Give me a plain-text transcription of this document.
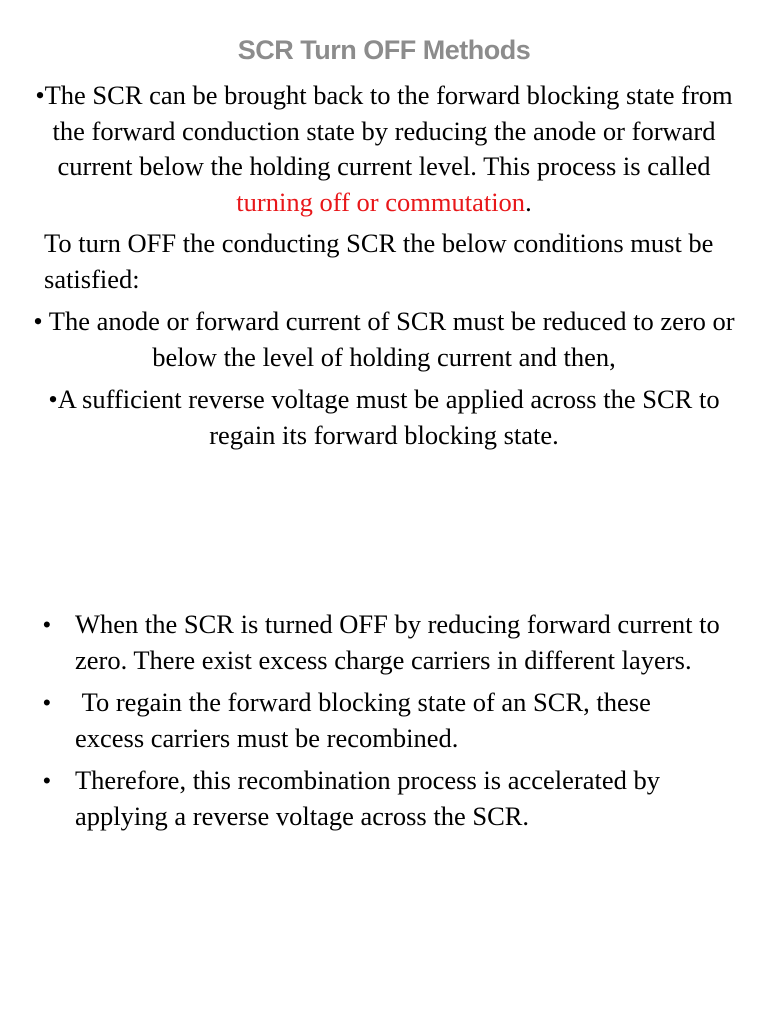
SCR Turn OFF Methods
•The SCR can be brought back to the forward blocking state from the forward conduction state by reducing the anode or forward current below the holding current level. This process is called turning off or commutation.
To turn OFF the conducting SCR the below conditions must be satisfied:
• The anode or forward current of SCR must be reduced to zero or below the level of holding current and then,
•A sufficient reverse voltage must be applied across the SCR to regain its forward blocking state.
• When the SCR is turned OFF by reducing forward current to zero. There exist excess charge carriers in different layers.
• To regain the forward blocking state of an SCR, these excess carriers must be recombined.
• Therefore, this recombination process is accelerated by applying a reverse voltage across the SCR.
